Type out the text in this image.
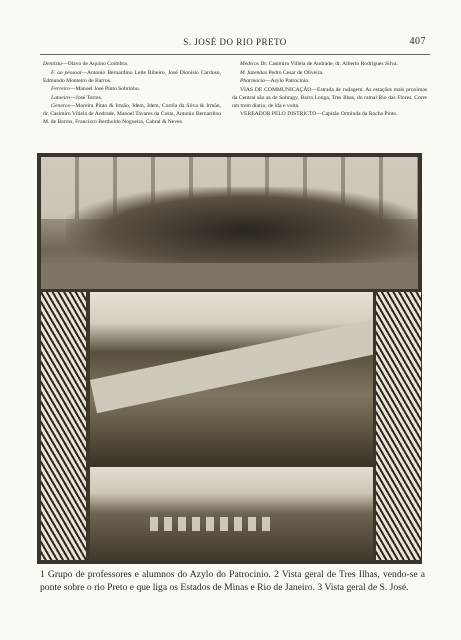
S. JOSÉ DO RIO PRETO	407

Dentista—Olavo de Aquino Coimbra.

F. ao pessoal—Antonio Bernardino Leite Ribeiro, José Dionisio Cardoso, Edmundo Monteiro de Barros.

Ferreiro—Manoel José Pinto Sobrinho.

Latoeiro—José Torres.

Generos—Moreira Pinto & Irmão, Idem, Idem, Corrêa da Silva & Irmão, dr. Casimiro Villela de Andrade, Manoel Tavares da Costa, Antonio Bernardino M. de Barros, Francisco Bertholdo Nogueira, Cabral & Neves.

Medicos Dr. Casimiro Villela de Andrade, dr. Alberto Rodrigues Silva.

M. fazendas Pedro Cesar de Oliveira.

Pharmacia—Asylo Patrocinio.

VIAS DE COMMUNICAÇÃO—Estrada de rodagem. As estações mais proximas da Central são as de Sobragy, Barra Longa, Tres Ilhas, do ramal Rio das Flores. Corre um trem diario, de ida e volta.

VEREADOR PELO DISTRICTO—Capitão Orminda da Rocha Pinto.

1 Grupo de professores e alumnos do Azylo do Patrocinio. 2 Vista geral de Tres Ilhas, vendo-se a ponte sobre o rio Preto e que liga os Estados de Minas e Rio de Janeiro. 3 Vista geral de S. José.
